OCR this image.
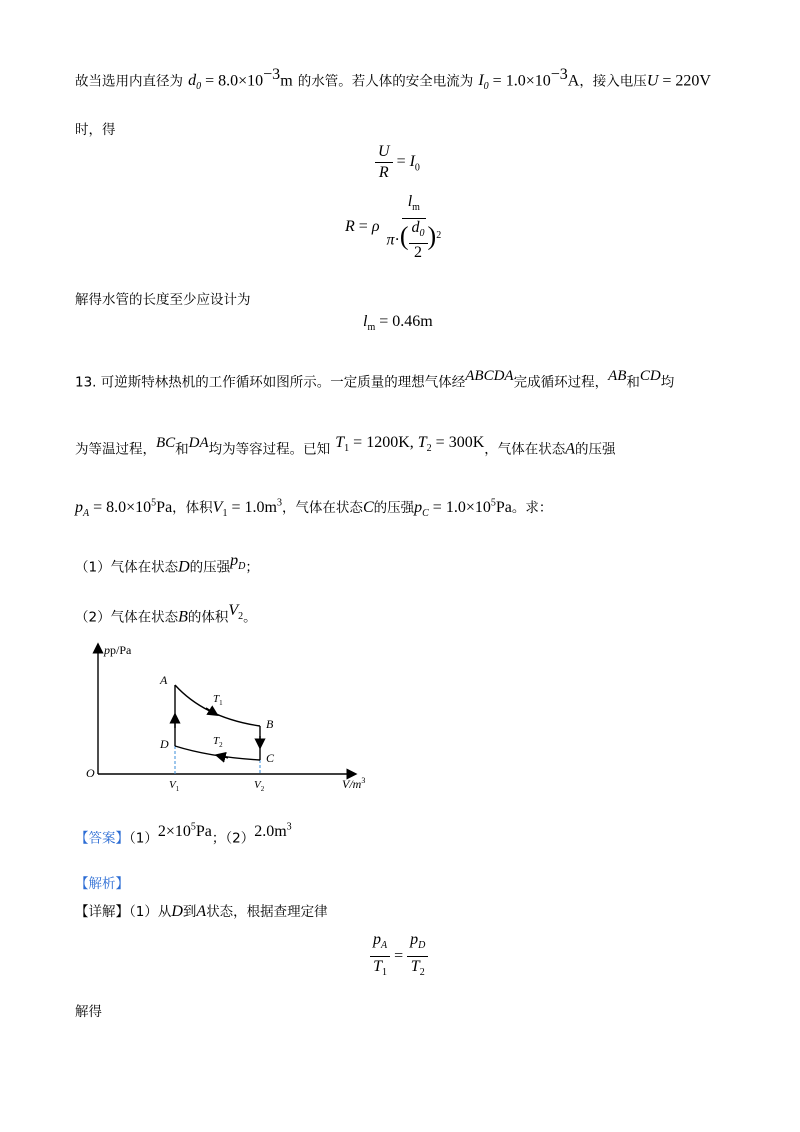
故当选用内直径为 $d_0 = 8.0\times 10^{-3}m$ 的水管。若人体的安全电流为 $I_0 = 1.0\times 10^{-3}A$，接入电压U = 220V
时，得
$\frac{U}{R} = I_0$
R = ρ $\frac{l_m}{\pi\cdot( \frac{d_0}{2} )^2}$
解得水管的长度至少应设计为
$l_m = 0.46m$
13. 可逆斯特林热机的工作循环如图所示。一定质量的理想气体经$^{ABCDA}$完成循环过程，$^{AB}$和$^{CD}$均
为等温过程，$^{BC}$和$^{DA}$均为等容过程。已知 $^{T_1 = 1200K, T_2 = 300K}$，气体在状态A的压强
$p_A = 8.0\times 10^5Pa$，体积$V_1 = 1.0m^3$，气体在状态C的压强$p_C = 1.0\times 10^5Pa$。求：
（1）气体在状态D的压强$^{p_D}$；
（2）气体在状态B的体积$^{V_2}$。
pp/Pa
$V/m^3$
O
A
B
C
D
$T_1$
$T_2$
$V_1$	$V_2$
【答案】$(1)^{2\times 10^5Pa}$；$(2)^{2.0m^3}$
【解析】
【详解】（1）从D到A状态，根据查理定律
$\frac{p_A}{T_1} = \frac{p_D}{T_2}$
解得
